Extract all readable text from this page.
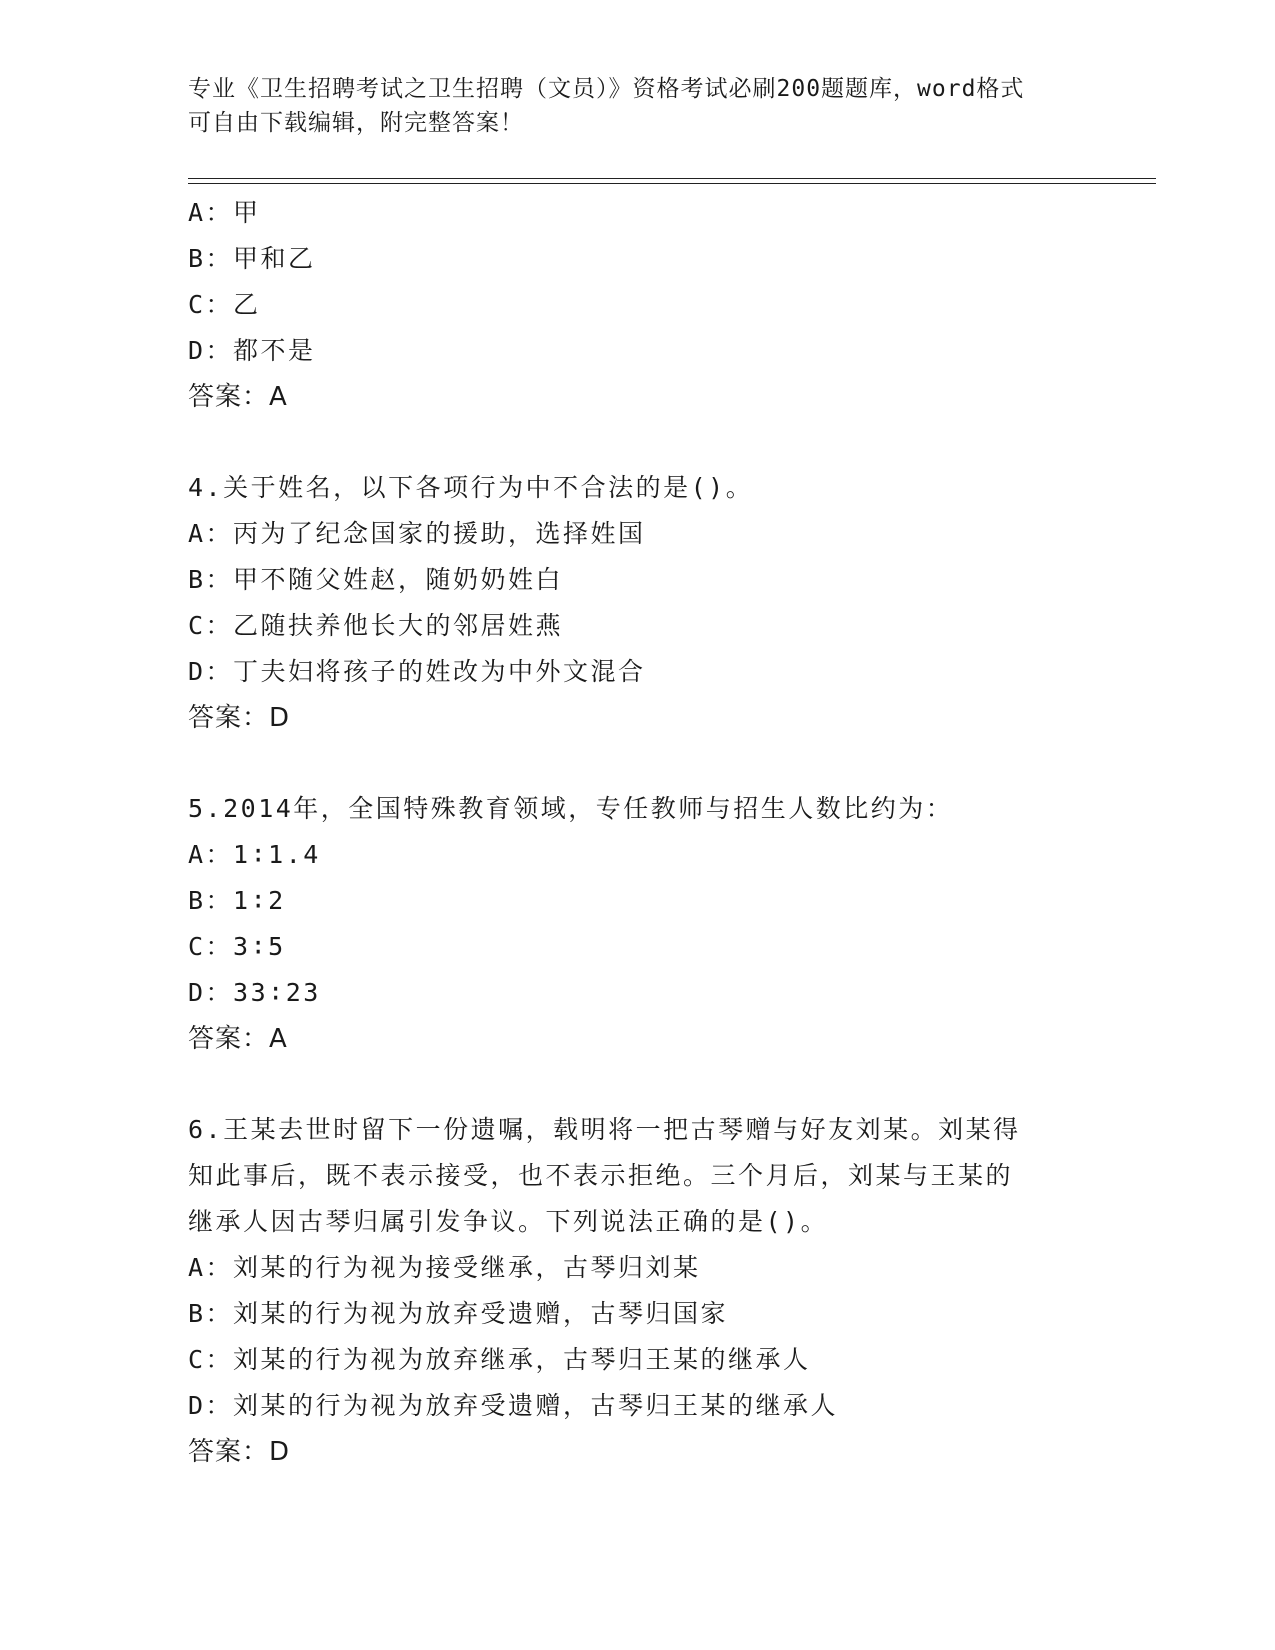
专业《卫生招聘考试之卫生招聘（文员）》资格考试必刷200题题库，word格式
可自由下载编辑，附完整答案！
A：甲
B：甲和乙
C：乙
D：都不是
答案：A
4.关于姓名，以下各项行为中不合法的是()。
A：丙为了纪念国家的援助，选择姓国
B：甲不随父姓赵，随奶奶姓白
C：乙随扶养他长大的邻居姓燕
D：丁夫妇将孩子的姓改为中外文混合
答案：D
5.2014年，全国特殊教育领域，专任教师与招生人数比约为：
A：1∶1.4
B：1∶2
C：3∶5
D：33∶23
答案：A
6.王某去世时留下一份遗嘱，载明将一把古琴赠与好友刘某。刘某得
知此事后，既不表示接受，也不表示拒绝。三个月后，刘某与王某的
继承人因古琴归属引发争议。下列说法正确的是()。
A：刘某的行为视为接受继承，古琴归刘某
B：刘某的行为视为放弃受遗赠，古琴归国家
C：刘某的行为视为放弃继承，古琴归王某的继承人
D：刘某的行为视为放弃受遗赠，古琴归王某的继承人
答案：D
